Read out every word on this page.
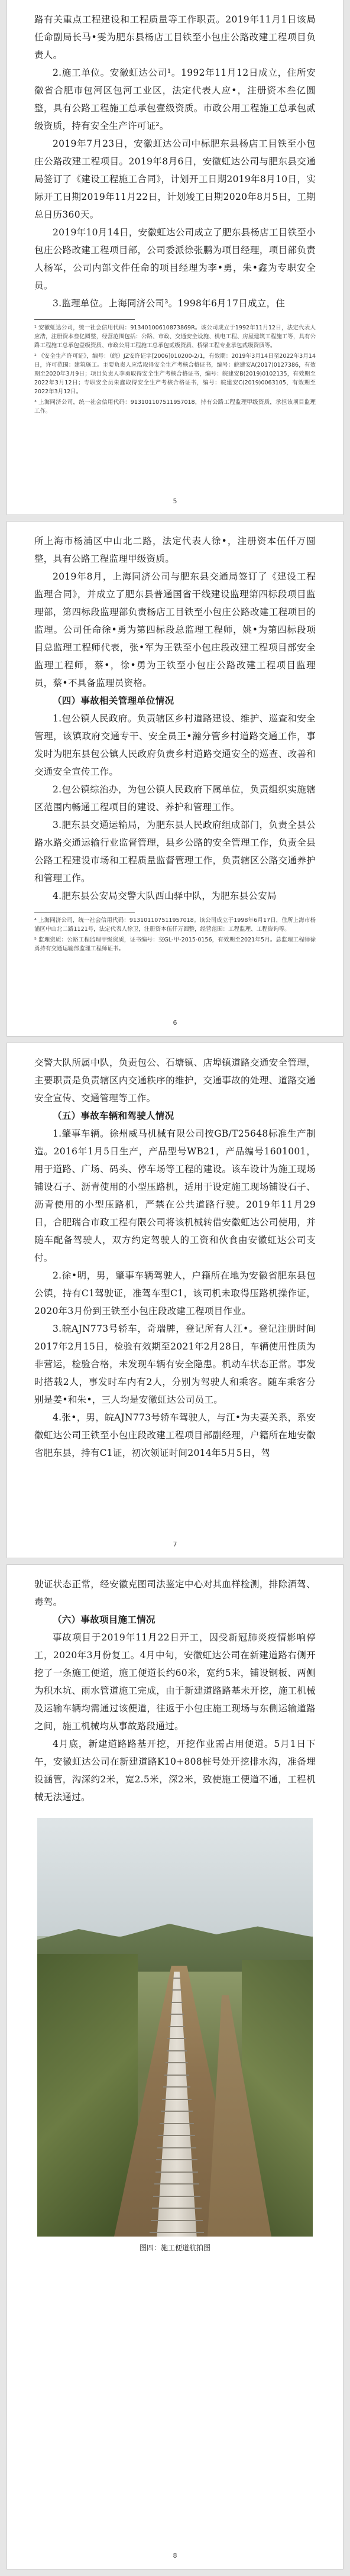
路有关重点工程建设和工程质量等工作职责。2019年11月1日该局任命副局长马•雯为肥东县杨店工目铁至小包庄公路改建工程项目负责人。

2.施工单位。安徽虹达公司¹。1992年11月12日成立，住所安徽省合肥市包河区包河工业区，法定代表人应•，注册资本叁亿圆整，具有公路工程施工总承包壹级资质。市政公用工程施工总承包贰级资质，持有安全生产许可证²。

2019年7月23日，安徽虹达公司中标肥东县杨店工目铁至小包庄公路改建工程项目。2019年8月6日，安徽虹达公司与肥东县交通局签订了《建设工程施工合同》，计划开工日期2019年8月10日，实际开工日期2019年11月22日，计划竣工日期2020年8月5日，工期总日历360天。

2019年10月14日，安徽虹达公司成立了肥东县杨店工目铁至小包庄公路改建工程项目部，公司委派徐张鹏为项目经理，项目部负责人杨军，公司内部文件任命的项目经理为李•勇，朱•鑫为专职安全员。

3.监理单位。上海同济公司³。1998年6月17日成立，住

¹ 安徽虹达公司，统一社会信用代码：91340100610873869R。该公司成立于1992年11月12日，法定代表人应浩，注册资本叁亿圆整，经营范围包括：公路、市政、交通安全设施、机电工程、房屋建筑工程施工等，具有公路工程施工总承包壹级资质、市政公用工程施工总承包贰级资质、桥梁工程专业承包贰级资质等。

² 《安全生产许可证》，编号：（皖）JZ安许证字[2006]010200-2/1，有效期：2019年3月14日至2022年3月14日，许可范围：建筑施工。主要负责人应浩取得安全生产考核合格证书，编号：皖建安A(2017)0127386，有效期至2020年3月9日；项目负责人李勇取得安全生产考核合格证书，编号：皖建安B(2019)0102135，有效期至2022年3月12日；专职安全员朱鑫取得安全生产考核合格证书，编号：皖建安C(2019)0063105，有效期至2022年3月12日。

³ 上海同济公司，统一社会信用代码：913101107511957018，持有公路工程监理甲级资质，承担该项目监理工作。

5

所上海市杨浦区中山北二路，法定代表人徐•，注册资本伍仟万圆整，具有公路工程监理甲级资质。

2019年8月，上海同济公司与肥东县交通局签订了《建设工程监理合同》，并成立了肥东县普通国省干线建设监理第四标段项目监理部，第四标段监理部负责杨店工目铁至小包庄公路改建工程项目的监理。公司任命徐•勇为第四标段总监理工程师，姚•为第四标段项目总监理工程师代表，张•军为王铁至小包庄段改建工程项目部安全监理工程师，蔡•，徐•勇为王铁至小包庄公路改建工程项目监理员，蔡•不具备监理员资格。

（四）事故相关管理单位情况

1.包公镇人民政府。负责辖区乡村道路建设、维护、巡查和安全管理，该镇政府交通专干、安全员王•瀚分管乡村道路交通工作，事发时为肥东县包公镇人民政府负责乡村道路交通安全的巡查、改善和交通安全宣传工作。

2.包公镇综治办，为包公镇人民政府下属单位，负责组织实施辖区范围内畅通工程项目的建设、养护和管理工作。

3.肥东县交通运输局，为肥东县人民政府组成部门，负责全县公路水路交通运输行业监督管理，县乡公路的安全管理工作，负责全县公路工程建设市场和工程质量监督管理工作，负责辖区公路交通养护和管理工作。

4.肥东县公安局交警大队西山驿中队，为肥东县公安局

⁴ 上海同济公司，统一社会信用代码：913101107511957018。该公司成立于1998年6月17日，住所上海市杨浦区中山北二路1121号，法定代表人徐卫，注册资本伍仟万圆整，经营范围：工程监理、工程咨询等。

⁵ 监理资质：公路工程监理甲级资质，证书编号：交GL-甲-2015-0156，有效期至2021年5月。总监理工程师徐勇持有交通运输部监理工程师证书。

6

交警大队所属中队，负责包公、石塘镇、店埠镇道路交通安全管理，主要职责是负责辖区内交通秩序的维护，交通事故的处理、道路交通安全宣传、交通管理等工作。

（五）事故车辆和驾驶人情况

1.肇事车辆。徐州威马机械有限公司按GB/T25648标准生产制造。2016年1月5日生产，产品型号WB21，产品编号1601001，用于道路、广场、码头、停车场等工程的建设。该车设计为施工现场铺设石子、沥青使用的小型压路机，适用于设定施工现场铺设石子、沥青使用的小型压路机，严禁在公共道路行驶。2019年11月29日，合肥瑞合市政工程有限公司将该机械转借安徽虹达公司使用，并随车配备驾驶人，双方约定驾驶人的工资和伙食由安徽虹达公司支付。

2.徐•明，男，肇事车辆驾驶人，户籍所在地为安徽省肥东县包公镇，持有C1驾驶证，准驾车型C1，该司机未取得压路机操作证，2020年3月份到王铁至小包庄段改建工程项目作业。

3.皖AJN773号轿车，奇瑞牌，登记所有人江•。登记注册时间2017年2月15日，检验有效期至2021年2月28日，车辆使用性质为非营运，检验合格，未发现车辆有安全隐患。机动车状态正常。事发时搭载2人，事发时车内有2人，分别为驾驶人和乘客。随车乘客分别是姜•和朱•，三人均是安徽虹达公司员工。

4.张•，男，皖AJN773号轿车驾驶人，与江•为夫妻关系，系安徽虹达公司王铁至小包庄段改建工程项目部副经理，户籍所在地安徽省肥东县，持有C1证，初次领证时间2014年5月5日，驾

7

驶证状态正常，经安徽克图司法鉴定中心对其血样检测，排除酒驾、毒驾。

（六）事故项目施工情况

事故项目于2019年11月22日开工，因受新冠肺炎疫情影响停工，2020年3月份复工。4月中旬，安徽虹达公司在新建道路右侧开挖了一条施工便道，施工便道长约60米，宽约5米，铺设钢板、两侧为积水坑、雨水管道施工完成，由于新建道路路基未开挖，施工机械及运输车辆均需通过该便道，往返于小包庄施工现场与东侧运输道路之间，施工机械均从事故路段通过。

4月底，新建道路路基开挖，开挖作业需占用便道。5月1日下午，安徽虹达公司在新建道路K10+808桩号处开挖排水沟，准备埋设涵管，沟深约2米，宽2.5米，深2米，致使施工便道不通，工程机械无法通过。

图四：施工便道航拍图
8
